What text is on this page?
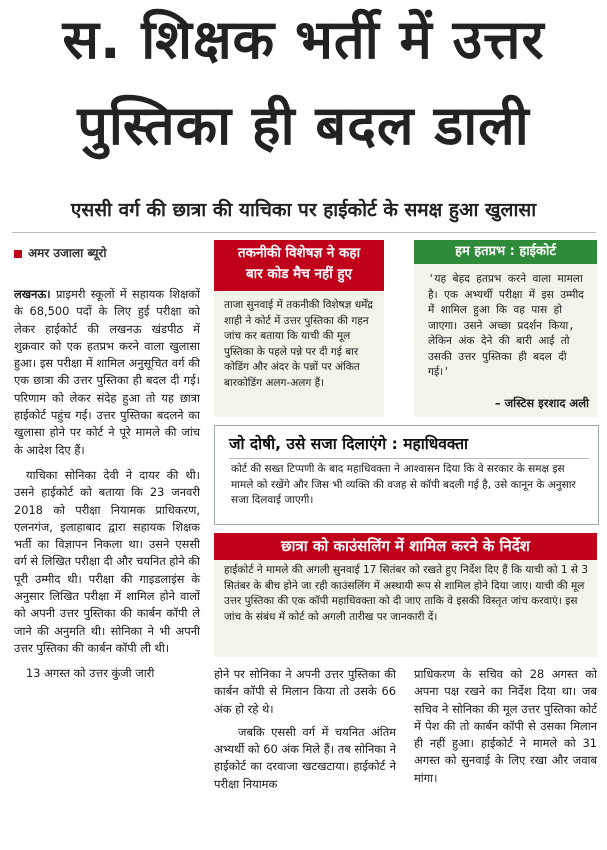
स. शिक्षक भर्ती में उत्तर
पुस्तिका ही बदल डाली
एससी वर्ग की छात्रा की याचिका पर हाईकोर्ट के समक्ष हुआ खुलासा
अमर उजाला ब्यूरो

लखनऊ। प्राइमरी स्कूलों में सहायक शिक्षकों के 68,500 पदों के लिए हुई परीक्षा को लेकर हाईकोर्ट की लखनऊ खंडपीठ में शुक्रवार को एक हतप्रभ करने वाला खुलासा हुआ। इस परीक्षा में शामिल अनुसूचित वर्ग की एक छात्रा की उत्तर पुस्तिका ही बदल दी गई। परिणाम को लेकर संदेह हुआ तो यह छात्रा हाईकोर्ट पहुंच गई। उत्तर पुस्तिका बदलने का खुलासा होने पर कोर्ट ने पूरे मामले की जांच के आदेश दिए हैं।

याचिका सोनिका देवी ने दायर की थी। उसने हाईकोर्ट को बताया कि 23 जनवरी 2018 को परीक्षा नियामक प्राधिकरण, एलनगंज, इलाहाबाद द्वारा सहायक शिक्षक भर्ती का विज्ञापन निकला था। उसने एससी वर्ग से लिखित परीक्षा दी और चयनित होने की पूरी उम्मीद थी। परीक्षा की गाइडलाइंस के अनुसार लिखित परीक्षा में शामिल होने वालों को अपनी उत्तर पुस्तिका की कार्बन कॉपी ले जाने की अनुमति थी। सोनिका ने भी अपनी उत्तर पुस्तिका की कार्बन कॉपी ली थी।

13 अगस्त को उत्तर कुंजी जारी

तकनीकी विशेषज्ञ ने कहा
बार कोड मैच नहीं हुए
ताजा सुनवाई में तकनीकी विशेषज्ञ धर्मेंद्र शाही ने कोर्ट में उत्तर पुस्तिका की गहन जांच कर बताया कि याची की मूल पुस्तिका के पहले पन्ने पर दी गई बार कोडिंग और अंदर के पन्नों पर अंकित बारकोडिंग अलग-अलग हैं।
हम हतप्रभ : हाईकोर्ट
'यह बेहद हतप्रभ करने वाला मामला है। एक अभ्यर्थी परीक्षा में इस उम्मीद में शामिल हुआ कि वह पास हो जाएगा। उसने अच्छा प्रदर्शन किया, लेकिन अंक देने की बारी आई तो उसकी उत्तर पुस्तिका ही बदल दी गई।'
– जस्टिस इरशाद अली
जो दोषी, उसे सजा दिलाएंगे : महाधिवक्ता
कोर्ट की सख्त टिप्पणी के बाद महाधिवक्ता ने आश्वासन दिया कि वे सरकार के समक्ष इस मामले को रखेंगे और जिस भी व्यक्ति की वजह से कॉपी बदली गई है, उसे कानून के अनुसार सजा दिलवाई जाएगी।
छात्रा को काउंसलिंग में शामिल करने के निर्देश
हाईकोर्ट ने मामले की अगली सुनवाई 17 सितंबर को रखते हुए निर्देश दिए हैं कि याची को 1 से 3 सितंबर के बीच होने जा रही काउंसलिंग में अस्थायी रूप से शामिल होने दिया जाए। याची की मूल उत्तर पुस्तिका की एक कॉपी महाधिवक्ता को दी जाए ताकि वे इसकी विस्तृत जांच करवाएं। इस जांच के संबंध में कोर्ट को अगली तारीख पर जानकारी दें।

होने पर सोनिका ने अपनी उत्तर पुस्तिका की कार्बन कॉपी से मिलान किया तो उसके 66 अंक हो रहे थे।

जबकि एससी वर्ग में चयनित अंतिम अभ्यर्थी को 60 अंक मिले हैं। तब सोनिका ने हाईकोर्ट का दरवाजा खटखटाया। हाईकोर्ट ने परीक्षा नियामक

प्राधिकरण के सचिव को 28 अगस्त को अपना पक्ष रखने का निर्देश दिया था। जब सचिव ने सोनिका की मूल उत्तर पुस्तिका कोर्ट में पेश की तो कार्बन कॉपी से उसका मिलान ही नहीं हुआ। हाईकोर्ट ने मामले को 31 अगस्त को सुनवाई के लिए रखा और जवाब मांगा।
